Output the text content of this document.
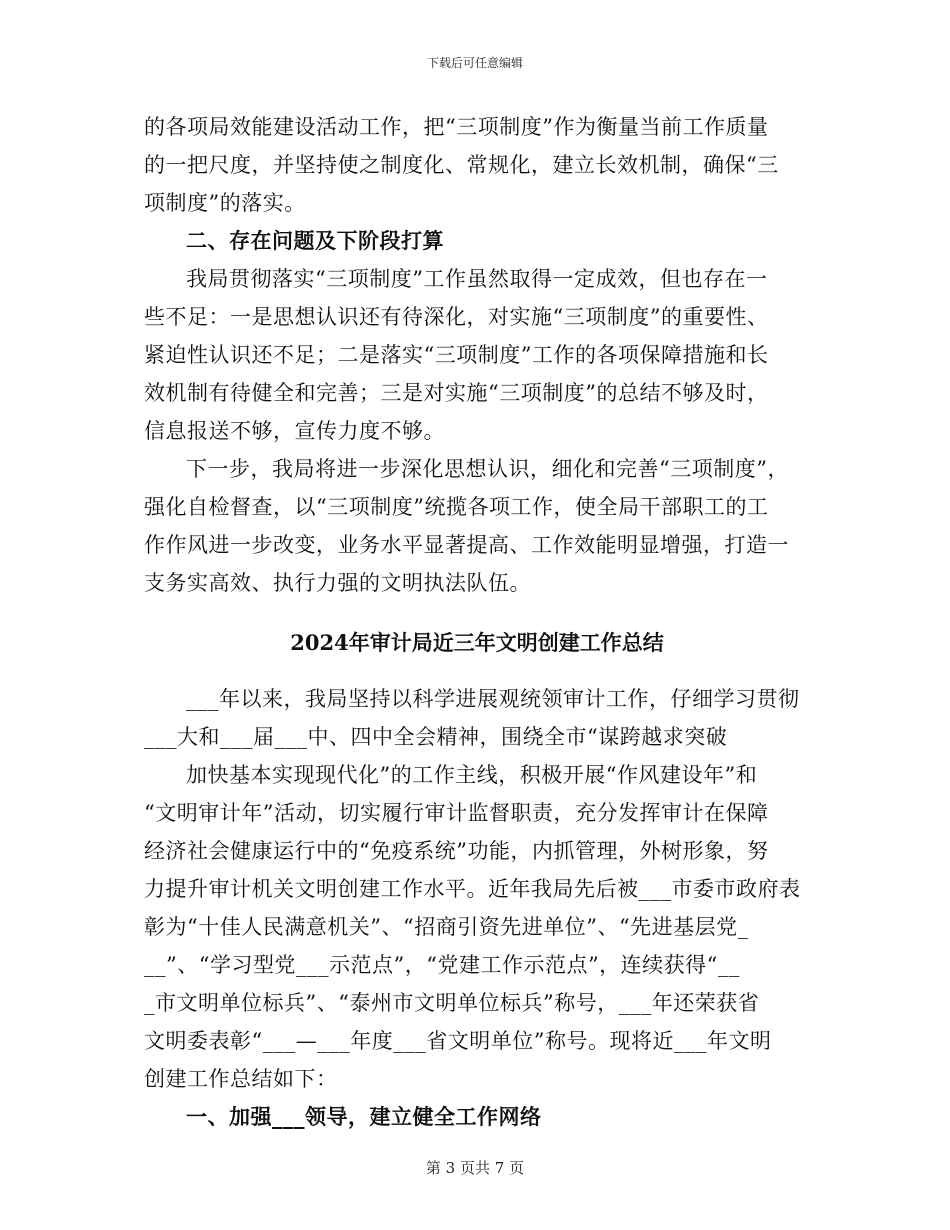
下载后可任意编辑
的各项局效能建设活动工作，把“三项制度”作为衡量当前工作质量
的一把尺度，并坚持使之制度化、常规化，建立长效机制，确保“三
项制度”的落实。
二、存在问题及下阶段打算
我局贯彻落实“三项制度”工作虽然取得一定成效，但也存在一
些不足：一是思想认识还有待深化，对实施“三项制度”的重要性、
紧迫性认识还不足；二是落实“三项制度”工作的各项保障措施和长
效机制有待健全和完善；三是对实施“三项制度”的总结不够及时，
信息报送不够，宣传力度不够。
下一步，我局将进一步深化思想认识，细化和完善“三项制度”，
强化自检督查，以“三项制度”统揽各项工作，使全局干部职工的工
作作风进一步改变，业务水平显著提高、工作效能明显增强，打造一
支务实高效、执行力强的文明执法队伍。
2024年审计局近三年文明创建工作总结
___年以来，我局坚持以科学进展观统领审计工作，仔细学习贯彻
___大和___届___中、四中全会精神，围绕全市“谋跨越求突破
加快基本实现现代化”的工作主线，积极开展“作风建设年”和
“文明审计年”活动，切实履行审计监督职责，充分发挥审计在保障
经济社会健康运行中的“免疫系统”功能，内抓管理，外树形象，努
力提升审计机关文明创建工作水平。近年我局先后被___市委市政府表
彰为“十佳人民满意机关”、“招商引资先进单位”、“先进基层党_
__”、“学习型党___示范点”，“党建工作示范点”，连续获得“__
_市文明单位标兵”、“泰州市文明单位标兵”称号，___年还荣获省
文明委表彰“___—___年度___省文明单位”称号。现将近___年文明
创建工作总结如下：
一、加强___领导，建立健全工作网络
第 3 页共 7 页
